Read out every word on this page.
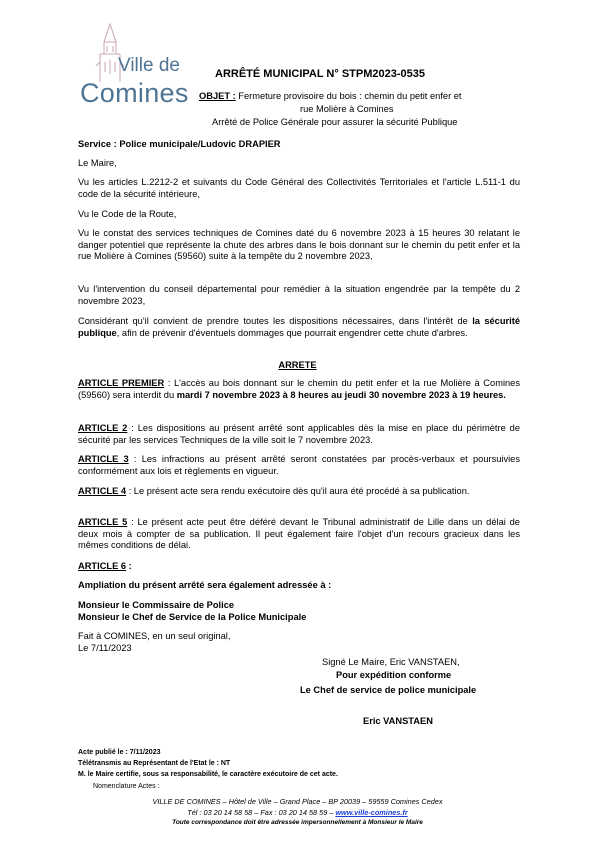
Ville de
Comines
ARRÊTÉ MUNICIPAL N° STPM2023-0535
OBJET : Fermeture provisoire du bois : chemin du petit enfer et
rue Molière à Comines
Arrêté de Police Générale pour assurer la sécurité Publique
Service : Police municipale/Ludovic DRAPIER
Le Maire,
Vu les articles L.2212-2 et suivants du Code Général des Collectivités Territoriales et l'article L.511-1 du code de la sécurité intérieure,
Vu le Code de la Route,
Vu le constat des services techniques de Comines daté du 6 novembre 2023 à 15 heures 30 relatant le danger potentiel que représente la chute des arbres dans le bois donnant sur le chemin du petit enfer et la rue Molière à Comines (59560) suite à la tempête du 2 novembre 2023,
Vu l'intervention du conseil départemental pour remédier à la situation engendrée par la tempête du 2 novembre 2023,
Considérant qu'il convient de prendre toutes les dispositions nécessaires, dans l'intérêt de la sécurité publique, afin de prévenir d'éventuels dommages que pourrait engendrer cette chute d'arbres.
ARRETE
ARTICLE PREMIER : L'accès au bois donnant sur le chemin du petit enfer et la rue Molière à Comines (59560) sera interdit du mardi 7 novembre 2023 à 8 heures au jeudi 30 novembre 2023 à 19 heures.
ARTICLE 2 : Les dispositions au présent arrêté sont applicables dès la mise en place du périmètre de sécurité par les services Techniques de la ville soit le 7 novembre 2023.
ARTICLE 3 : Les infractions au présent arrêté seront constatées par procès-verbaux et poursuivies conformément aux lois et règlements en vigueur.
ARTICLE 4 : Le présent acte sera rendu exécutoire dès qu'il aura été procédé à sa publication.
ARTICLE 5 : Le présent acte peut être déféré devant le Tribunal administratif de Lille dans un délai de deux mois à compter de sa publication. Il peut également faire l'objet d'un recours gracieux dans les mêmes conditions de délai.
ARTICLE 6 :
Ampliation du présent arrêté sera également adressée à :
Monsieur le Commissaire de Police
Monsieur le Chef de Service de la Police Municipale
Fait à COMINES, en un seul original,
Le 7/11/2023
Signé Le Maire, Eric VANSTAEN,
Pour expédition conforme
Le Chef de service de police municipale
Eric VANSTAEN
Acte publié le : 7/11/2023
Télétransmis au Représentant de l'Etat le : NT
M. le Maire certifie, sous sa responsabilité, le caractère exécutoire de cet acte.
Nomenclature Actes :
VILLE DE COMINES – Hôtel de Ville – Grand Place – BP 20039 – 59559 Comines Cedex
Tél : 03 20 14 58 58 – Fax : 03 20 14 58 59 – www.ville-comines.fr
Toute correspondance doit être adressée impersonnellement à Monsieur le Maire
